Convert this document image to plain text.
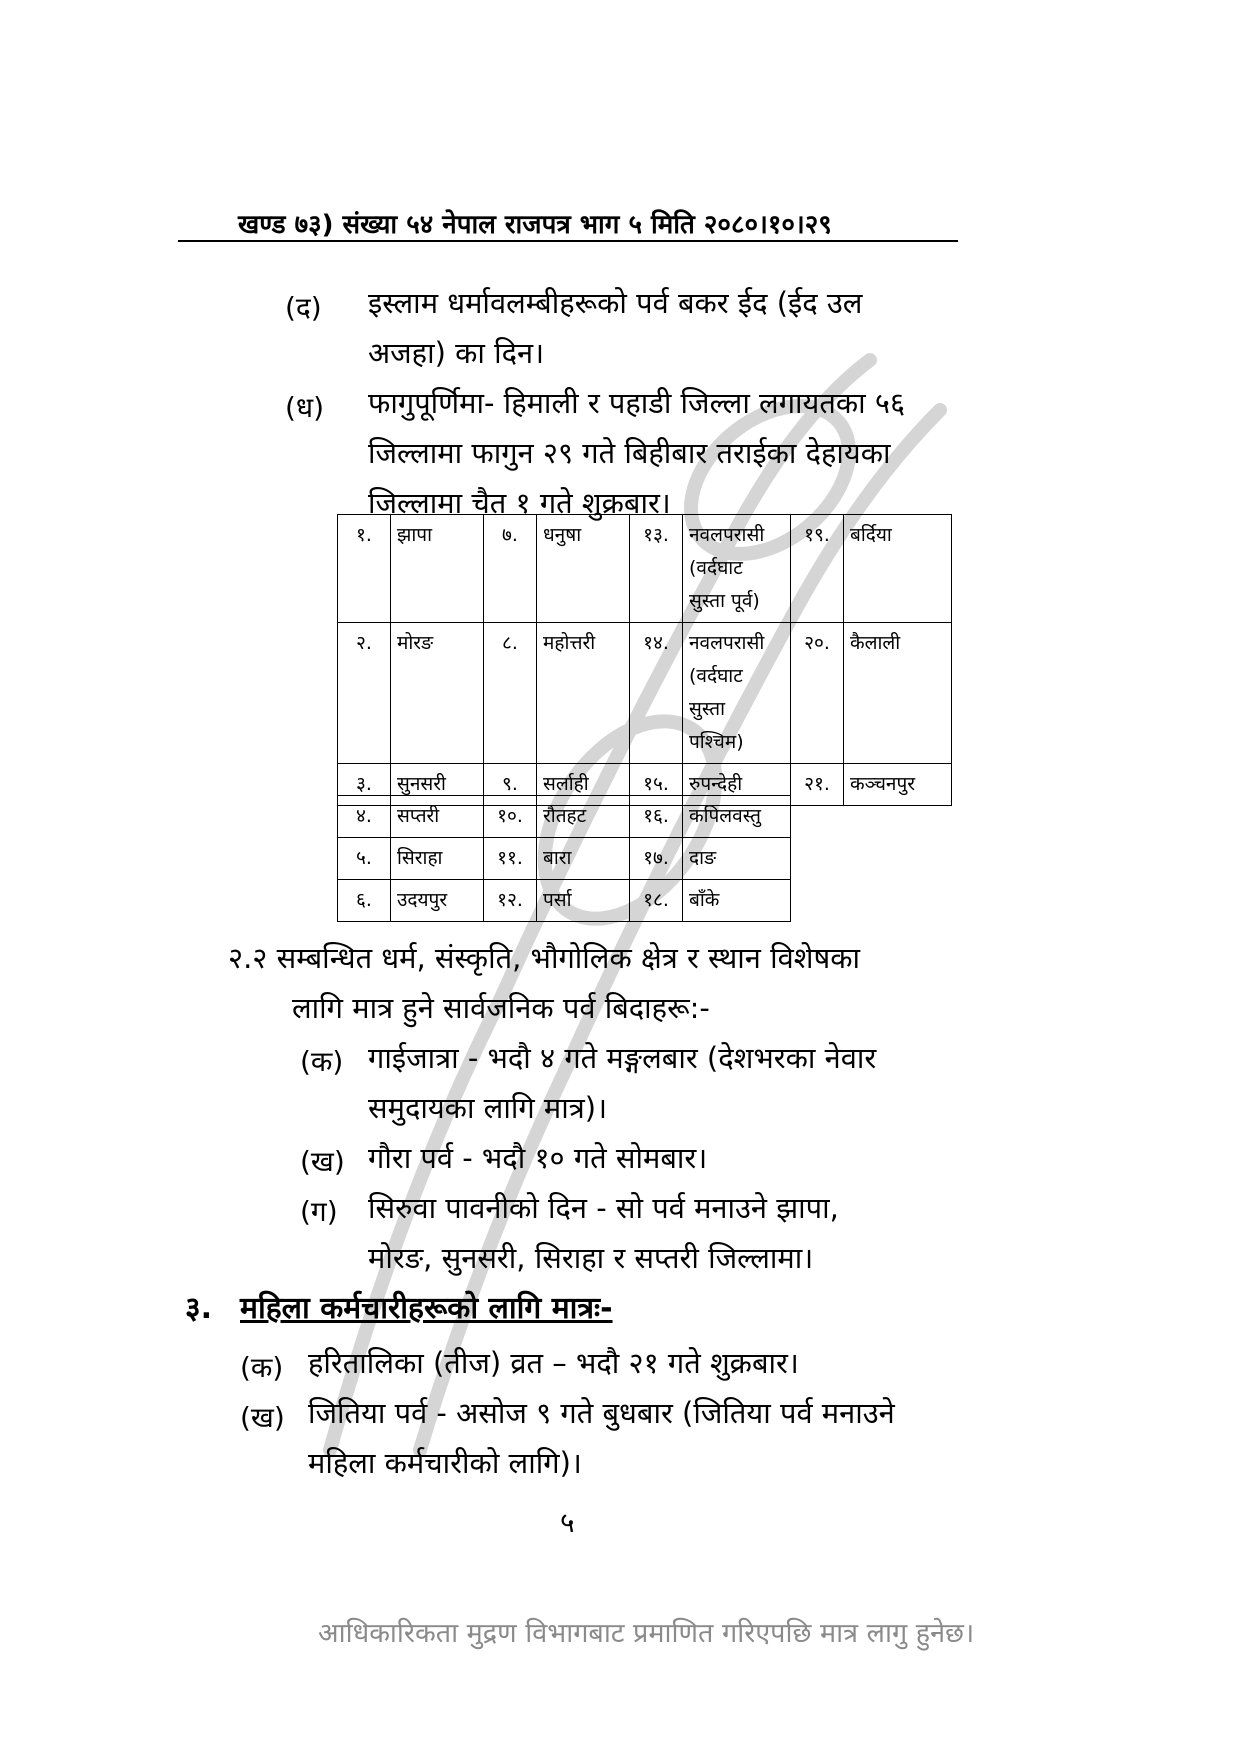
खण्ड ७३) संख्या ५४ नेपाल राजपत्र भाग ५ मिति २०८०।१०।२९
(द) इस्लाम धर्मावलम्बीहरूको पर्व बकर ईद (ईद उल
अजहा) का दिन।
(ध) फागुपूर्णिमा- हिमाली र पहाडी जिल्ला लगायतका ५६
जिल्लामा फागुन २९ गते बिहीबार तराईका देहायका
जिल्लामा चैत १ गते शुक्रबार।
१.	झापा	७.	धनुषा	१३.	नवलपरासी (वर्दघाट सुस्ता पूर्व)	१९.	बर्दिया
२.	मोरङ	८.	महोत्तरी	१४.	नवलपरासी (वर्दघाट सुस्ता पश्चिम)	२०.	कैलाली
३.	सुनसरी	९.	सर्लाही	१५.	रुपन्देही	२१.	कञ्चनपुर
४.	सप्तरी	१०.	रौतहट	१६.	कपिलवस्तु
५.	सिराहा	११.	बारा	१७.	दाङ
६.	उदयपुर	१२.	पर्सा	१८.	बाँके
२.२ सम्बन्धित धर्म, संस्कृति, भौगोलिक क्षेत्र र स्थान विशेषका
लागि मात्र हुने सार्वजनिक पर्व बिदाहरू:-
(क) गाईजात्रा - भदौ ४ गते मङ्गलबार (देशभरका नेवार
समुदायका लागि मात्र)।
(ख) गौरा पर्व - भदौ १० गते सोमबार।
(ग) सिरुवा पावनीको दिन - सो पर्व मनाउने झापा,
मोरङ, सुनसरी, सिराहा र सप्तरी जिल्लामा।
३. महिला कर्मचारीहरूको लागि मात्रः-
(क) हरितालिका (तीज) व्रत – भदौ २१ गते शुक्रबार।
(ख) जितिया पर्व - असोज ९ गते बुधबार (जितिया पर्व मनाउने
महिला कर्मचारीको लागि)।
५
आधिकारिकता मुद्रण विभागबाट प्रमाणित गरिएपछि मात्र लागु हुनेछ।
